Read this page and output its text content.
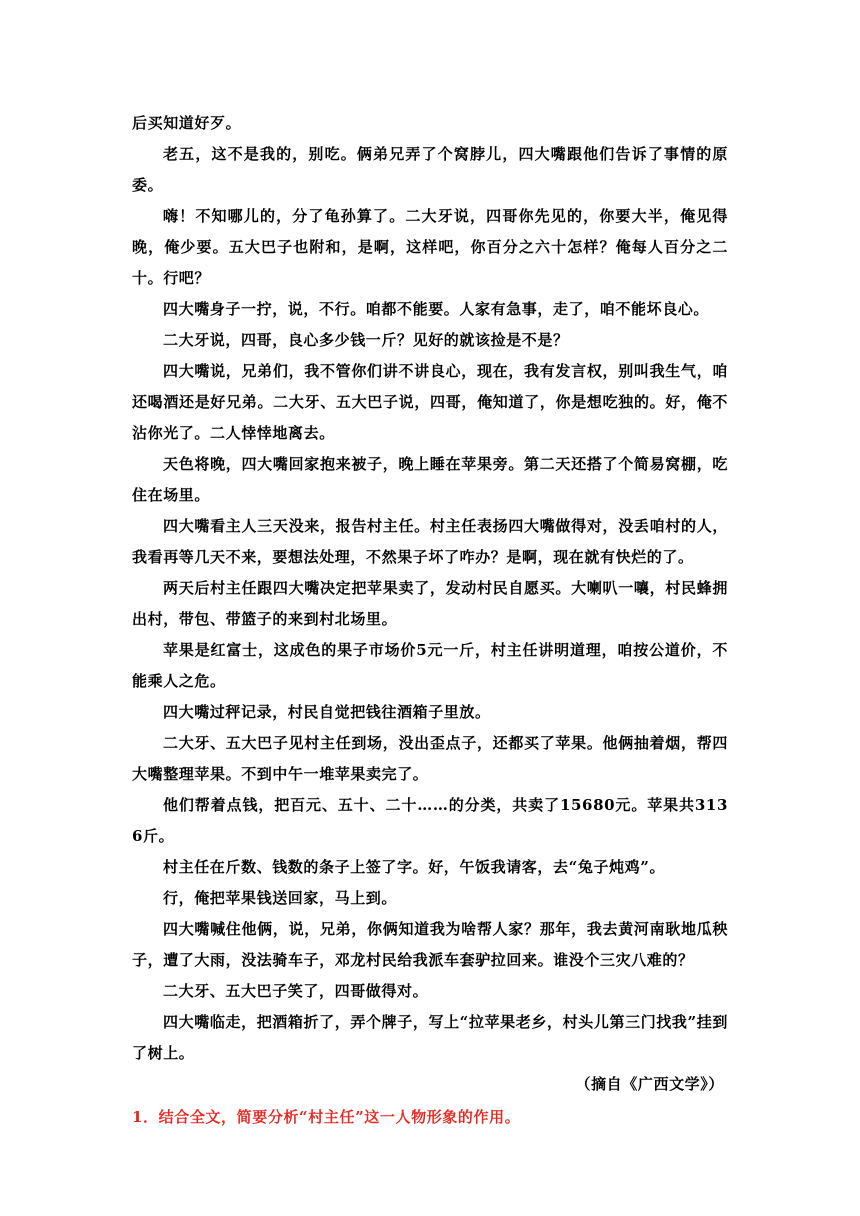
后买知道好歹。

老五，这不是我的，别吃。俩弟兄弄了个窝脖儿，四大嘴跟他们告诉了事情的原委。

嗨！不知哪儿的，分了龟孙算了。二大牙说，四哥你先见的，你要大半，俺见得晚，俺少要。五大巴子也附和，是啊，这样吧，你百分之六十怎样？俺每人百分之二十。行吧？

四大嘴身子一拧，说，不行。咱都不能要。人家有急事，走了，咱不能坏良心。

二大牙说，四哥，良心多少钱一斤？见好的就该捡是不是？

四大嘴说，兄弟们，我不管你们讲不讲良心，现在，我有发言权，别叫我生气，咱还喝酒还是好兄弟。二大牙、五大巴子说，四哥，俺知道了，你是想吃独的。好，俺不沾你光了。二人悻悻地离去。

天色将晚，四大嘴回家抱来被子，晚上睡在苹果旁。第二天还搭了个简易窝棚，吃住在场里。

四大嘴看主人三天没来，报告村主任。村主任表扬四大嘴做得对，没丢咱村的人，我看再等几天不来，要想法处理，不然果子坏了咋办？是啊，现在就有快烂的了。

两天后村主任跟四大嘴决定把苹果卖了，发动村民自愿买。大喇叭一嚷，村民蜂拥出村，带包、带篮子的来到村北场里。

苹果是红富士，这成色的果子市场价5元一斤，村主任讲明道理，咱按公道价，不能乘人之危。

四大嘴过秤记录，村民自觉把钱往酒箱子里放。

二大牙、五大巴子见村主任到场，没出歪点子，还都买了苹果。他俩抽着烟，帮四大嘴整理苹果。不到中午一堆苹果卖完了。

他们帮着点钱，把百元、五十、二十……的分类，共卖了15680元。苹果共3136斤。

村主任在斤数、钱数的条子上签了字。好，午饭我请客，去“兔子炖鸡”。

行，俺把苹果钱送回家，马上到。

四大嘴喊住他俩，说，兄弟，你俩知道我为啥帮人家？那年，我去黄河南耿地瓜秧子，遭了大雨，没法骑车子，邓龙村民给我派车套驴拉回来。谁没个三灾八难的？

二大牙、五大巴子笑了，四哥做得对。

四大嘴临走，把酒箱折了，弄个牌子，写上“拉苹果老乡，村头儿第三门找我”挂到了树上。

（摘自《广西文学》）

1．结合全文，简要分析“村主任”这一人物形象的作用。
